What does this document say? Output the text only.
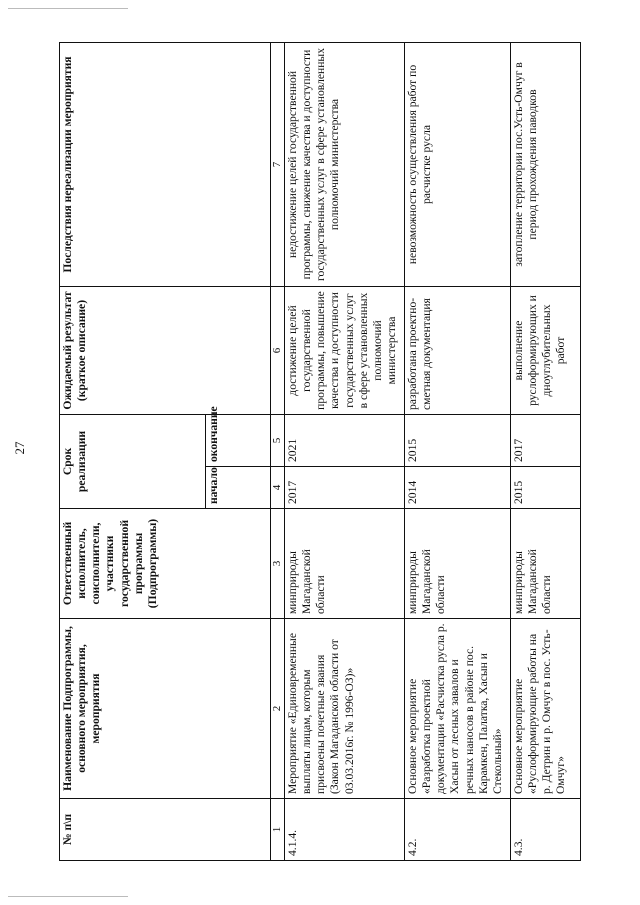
27
№ п\п	Наименование Подпрограммы, основного мероприятия, мероприятия	Ответственный исполнитель, соисполнители, участники государственной программы (Подпрограммы)	Срок реализации		Ожидаемый результат (краткое описание)	Последствия нереализации мероприятия
			начало	окончание		
1	2	3	4	5	6	7
4.1.4.	Мероприятие «Единовременные выплаты лицам, которым присвоены почетные звания (Закон Магаданской области от 03.03.2016г. № 1996-ОЗ)»	минприроды Магаданской области	2017	2021	достижение целей государственной программы, повышение качества и доступности государственных услуг в сфере установленных полномочий министерства	недостижение целей государственной программы, снижение качества и доступности государственных услуг в сфере установленных полномочий министерства
4.2.	Основное мероприятие «Разработка проектной документации «Расчистка русла р. Хасын от лесных завалов и речных наносов в районе пос. Карамкен, Палатка, Хасын и Стекольный»	минприроды Магаданской области	2014	2015	разработана проектно-сметная документация	невозможность осуществления работ по расчистке русла
4.3.	Основное мероприятие «Руслоформирующие работы на р. Детрин и р. Омчуг в пос. Усть-Омчуг»	минприроды Магаданской области	2015	2017	выполнение руслоформирующих и дноуглубительных работ	затопление территории пос.Усть-Омчуг в период прохождения паводков
